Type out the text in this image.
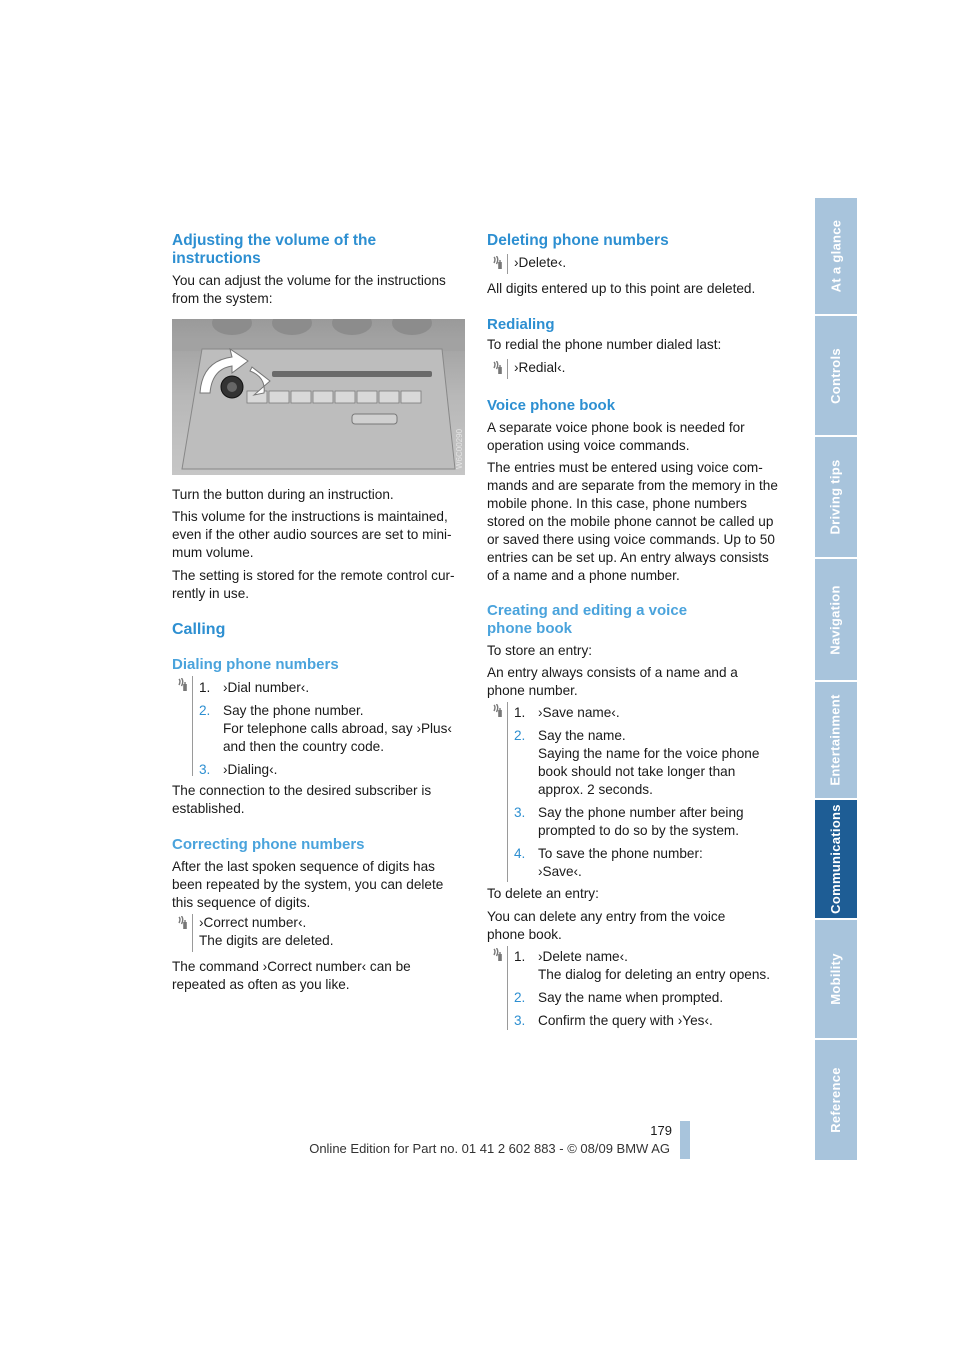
Adjusting the volume of the instructions

You can adjust the volume for the instructions from the system:

Turn the button during an instruction.

This volume for the instructions is maintained, even if the other audio sources are set to mini-mum volume.

The setting is stored for the remote control cur-rently in use.

Calling
Dialing phone numbers
1. ›Dial number‹.
2. Say the phone number.
For telephone calls abroad, say ›Plus‹ and then the country code.
3. ›Dialing‹.

The connection to the desired subscriber is established.

Correcting phone numbers

After the last spoken sequence of digits has been repeated by the system, you can delete this sequence of digits.

›Correct number‹.
The digits are deleted.

The command ›Correct number‹ can be repeated as often as you like.

W6C00290
Deleting phone numbers
›Delete‹.

All digits entered up to this point are deleted.

Redialing

To redial the phone number dialed last:

›Redial‹.
Voice phone book

A separate voice phone book is needed for operation using voice commands.

The entries must be entered using voice com-mands and are separate from the memory in the mobile phone. In this case, phone numbers stored on the mobile phone cannot be called up or saved there using voice commands. Up to 50 entries can be set up. An entry always consists of a name and a phone number.

Creating and editing a voice phone book

To store an entry:

An entry always consists of a name and a phone number.

1. ›Save name‹.
2. Say the name.
Saying the name for the voice phone book should not take longer than approx. 2 seconds.
3. Say the phone number after being prompted to do so by the system.
4. To save the phone number:
›Save‹.

To delete an entry:

You can delete any entry from the voice phone book.

1. ›Delete name‹.
The dialog for deleting an entry opens.
2. Say the name when prompted.
3. Confirm the query with ›Yes‹.
At a glance
Controls
Driving tips
Navigation
Entertainment
Communications
Mobility
Reference
179
Online Edition for Part no. 01 41 2 602 883 - © 08/09 BMW AG
